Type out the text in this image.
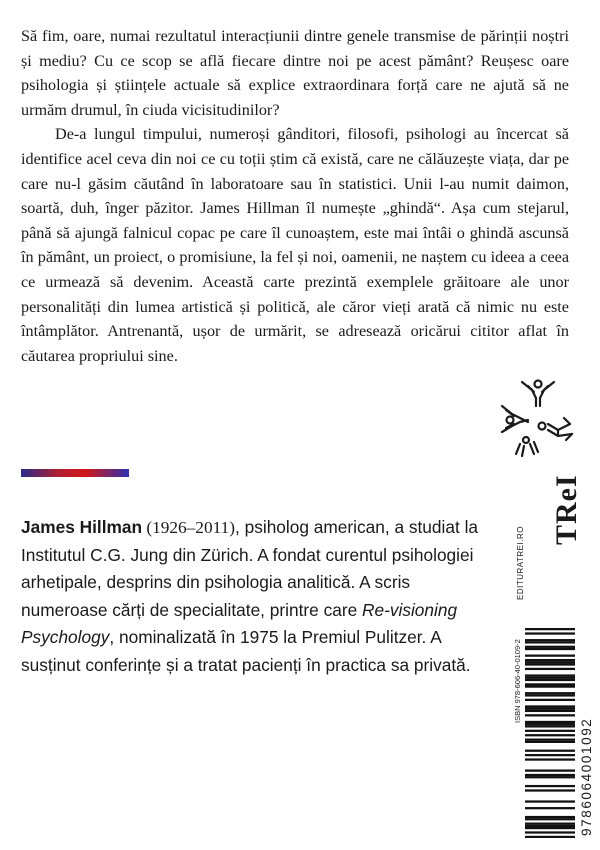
Să fim, oare, numai rezultatul interacțiunii dintre genele transmise de părinții noștri și mediu? Cu ce scop se află fiecare dintre noi pe acest pământ? Reușesc oare psihologia și științele actuale să explice extraordinara forță care ne ajută să ne urmăm drumul, în ciuda vicisitudinilor?

De-a lungul timpului, numeroși gânditori, filosofi, psihologi au încercat să identifice acel ceva din noi ce cu toții știm că există, care ne călăuzește viața, dar pe care nu-l găsim căutând în laboratoare sau în statistici. Unii l-au numit daimon, soartă, duh, înger păzitor. James Hillman îl numește „ghindă“. Așa cum stejarul, până să ajungă falnicul copac pe care îl cunoaștem, este mai întâi o ghindă ascunsă în pământ, un proiect, o promisiune, la fel și noi, oamenii, ne naștem cu ideea a ceea ce urmează să devenim. Această carte prezintă exemplele grăitoare ale unor personalități din lumea artistică și politică, ale căror vieți arată că nimic nu este întâmplător. Antrenantă, ușor de urmărit, se adresează oricărui cititor aflat în căutarea propriului sine.

James Hillman (1926–2011), psiholog american, a studiat la Institutul C.G. Jung din Zürich. A fondat curentul psihologiei arhetipale, desprins din psihologia analitică. A scris numeroase cărți de specialitate, printre care Re-visioning Psychology, nominalizată în 1975 la Premiul Pulitzer. A susținut conferințe și a tratat pacienți în practica sa privată.
TReI
EDITURATREI.RO
ISBN 978-606-40-0109-2
9786064001092
